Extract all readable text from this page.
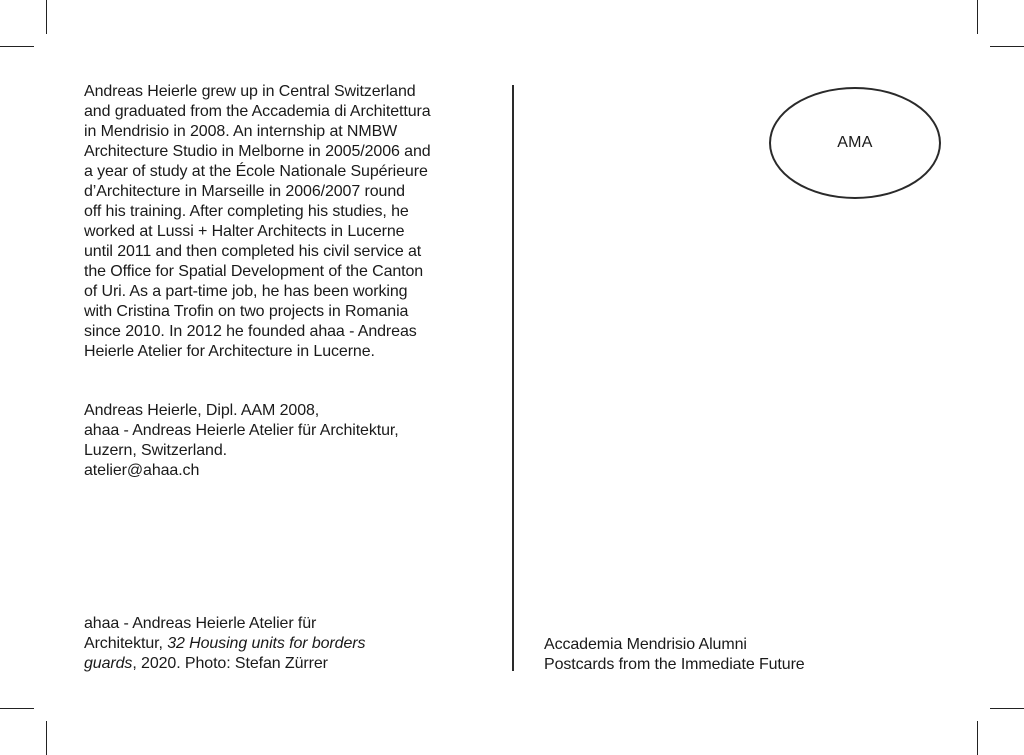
Andreas Heierle grew up in Central Switzerland
and graduated from the Accademia di Architettura
in Mendrisio in 2008. An internship at NMBW
Architecture Studio in Melborne in 2005/2006 and
a year of study at the École Nationale Supérieure
d’Architecture in Marseille in 2006/2007 round
off his training. After completing his studies, he
worked at Lussi + Halter Architects in Lucerne
until 2011 and then completed his civil service at
the Office for Spatial Development of the Canton
of Uri. As a part-time job, he has been working
with Cristina Trofin on two projects in Romania
since 2010. In 2012 he founded ahaa - Andreas
Heierle Atelier for Architecture in Lucerne.
Andreas Heierle, Dipl. AAM 2008,
ahaa - Andreas Heierle Atelier für Architektur,
Luzern, Switzerland.
atelier@ahaa.ch
ahaa - Andreas Heierle Atelier für
Architektur, 32 Housing units for borders
guards, 2020. Photo: Stefan Zürrer
AMA
Accademia Mendrisio Alumni
Postcards from the Immediate Future
